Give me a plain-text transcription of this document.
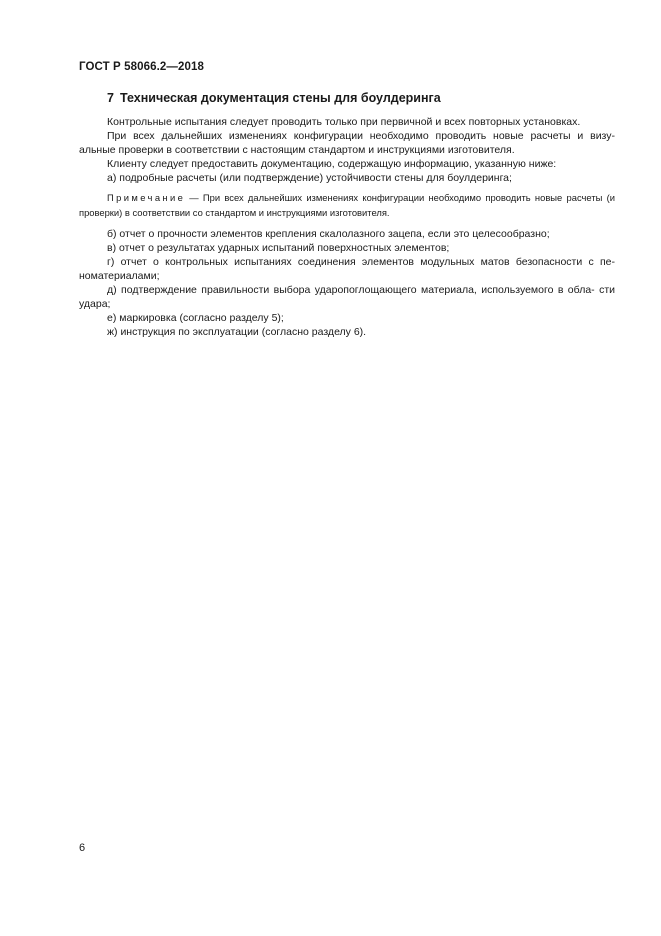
ГОСТ Р 58066.2—2018
7 Техническая документация стены для боулдеринга

Контрольные испытания следует проводить только при первичной и всех повторных установках.

При всех дальнейших изменениях конфигурации необходимо проводить новые расчеты и визу- альные проверки в соответствии с настоящим стандартом и инструкциями изготовителя.

Клиенту следует предоставить документацию, содержащую информацию, указанную ниже:

а) подробные расчеты (или подтверждение) устойчивости стены для боулдеринга;

Примечание — При всех дальнейших изменениях конфигурации необходимо проводить новые расчеты (и проверки) в соответствии со стандартом и инструкциями изготовителя.

б) отчет о прочности элементов крепления скалолазного зацепа, если это целесообразно;

в) отчет о результатах ударных испытаний поверхностных элементов;

г) отчет о контрольных испытаниях соединения элементов модульных матов безопасности с пе- номатериалами;

д) подтверждение правильности выбора ударопоглощающего материала, используемого в обла- сти удара;

е) маркировка (согласно разделу 5);

ж) инструкция по эксплуатации (согласно разделу 6).

6
